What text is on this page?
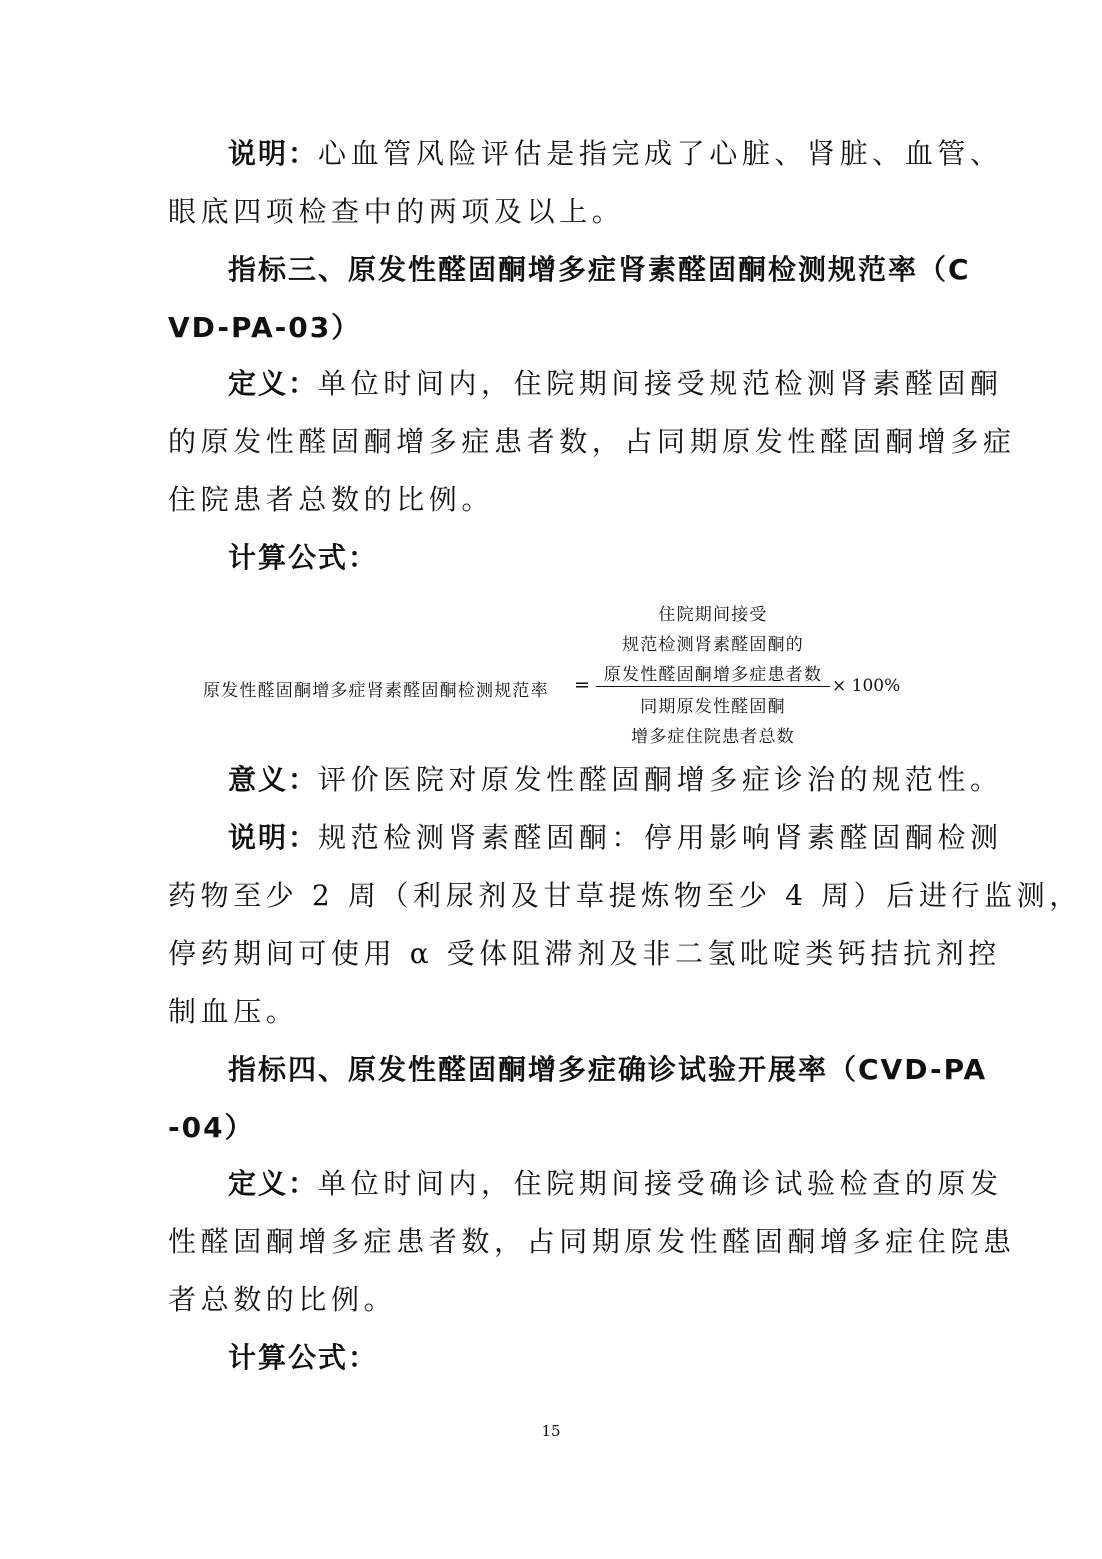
说明：心血管风险评估是指完成了心脏、肾脏、血管、
眼底四项检查中的两项及以上。
指标三、原发性醛固酮增多症肾素醛固酮检测规范率（C
VD-PA-03）
定义：单位时间内，住院期间接受规范检测肾素醛固酮
的原发性醛固酮增多症患者数，占同期原发性醛固酮增多症
住院患者总数的比例。
计算公式：
原发性醛固酮增多症肾素醛固酮检测规范率 =
住院期间接受
规范检测肾素醛固酮的
原发性醛固酮增多症患者数
同期原发性醛固酮
增多症住院患者总数
× 100%
意义：评价医院对原发性醛固酮增多症诊治的规范性。
说明：规范检测肾素醛固酮：停用影响肾素醛固酮检测
药物至少 2 周（利尿剂及甘草提炼物至少 4 周）后进行监测，
停药期间可使用 α 受体阻滞剂及非二氢吡啶类钙拮抗剂控
制血压。
指标四、原发性醛固酮增多症确诊试验开展率（CVD-PA
-04）
定义：单位时间内，住院期间接受确诊试验检查的原发
性醛固酮增多症患者数，占同期原发性醛固酮增多症住院患
者总数的比例。
计算公式：
15
